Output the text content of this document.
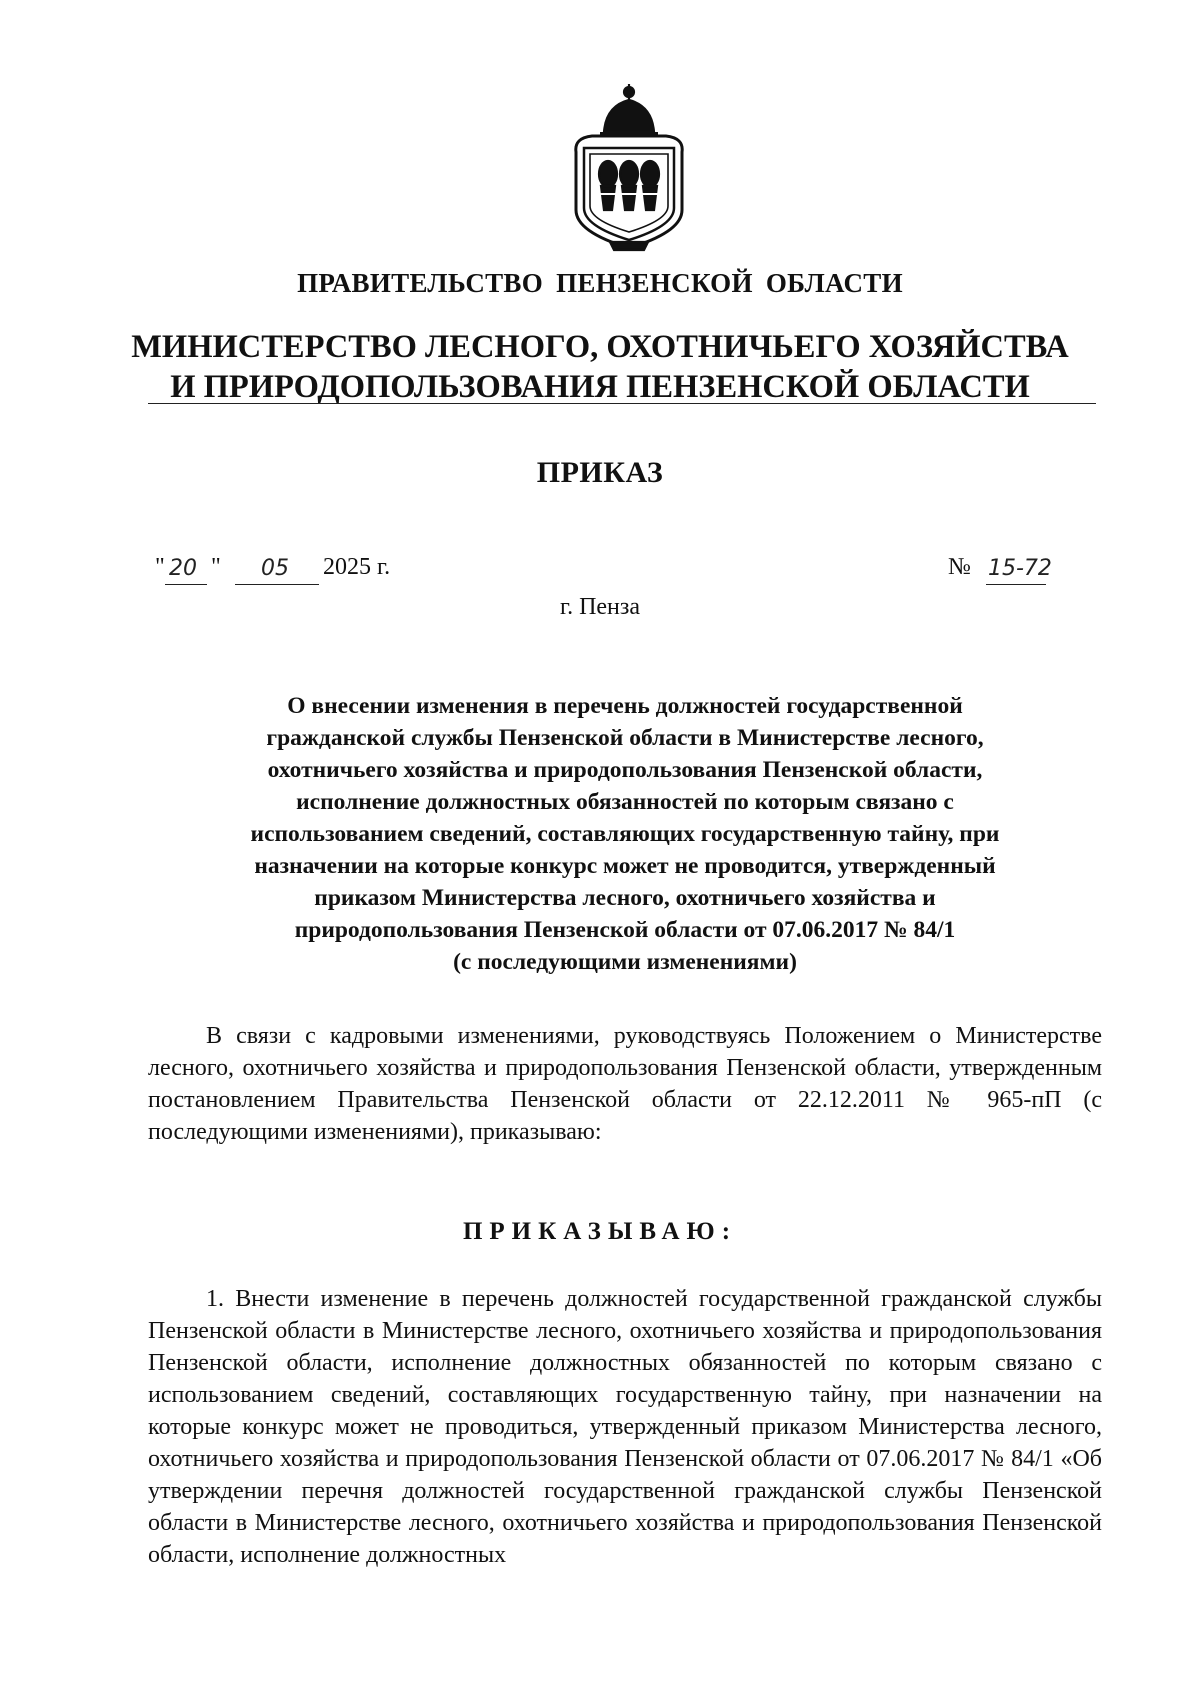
ПРАВИТЕЛЬСТВО ПЕНЗЕНСКОЙ ОБЛАСТИ
МИНИСТЕРСТВО ЛЕСНОГО, ОХОТНИЧЬЕГО ХОЗЯЙСТВА
И ПРИРОДОПОЛЬЗОВАНИЯ ПЕНЗЕНСКОЙ ОБЛАСТИ
ПРИКАЗ
" 20 " 05 2025 г.	№ 15-72
г. Пенза
О внесении изменения в перечень должностей государственной
гражданской службы Пензенской области в Министерстве лесного,
охотничьего хозяйства и природопользования Пензенской области,
исполнение должностных обязанностей по которым связано с
использованием сведений, составляющих государственную тайну, при
назначении на которые конкурс может не проводится, утвержденный
приказом Министерства лесного, охотничьего хозяйства и
природопользования Пензенской области от 07.06.2017 № 84/1
(с последующими изменениями)
В связи с кадровыми изменениями, руководствуясь Положением о Министерстве лесного, охотничьего хозяйства и природопользования Пензенской области, утвержденным постановлением Правительства Пензенской области от 22.12.2011 № 965-пП (с последующими изменениями), приказываю:
ПРИКАЗЫВАЮ:
1. Внести изменение в перечень должностей государственной гражданской службы Пензенской области в Министерстве лесного, охотничьего хозяйства и природопользования Пензенской области, исполнение должностных обязанностей по которым связано с использованием сведений, составляющих государственную тайну, при назначении на которые конкурс может не проводиться, утвержденный приказом Министерства лесного, охотничьего хозяйства и природопользования Пензенской области от 07.06.2017 № 84/1 «Об утверждении перечня должностей государственной гражданской службы Пензенской области в Министерстве лесного, охотничьего хозяйства и природопользования Пензенской области, исполнение должностных
